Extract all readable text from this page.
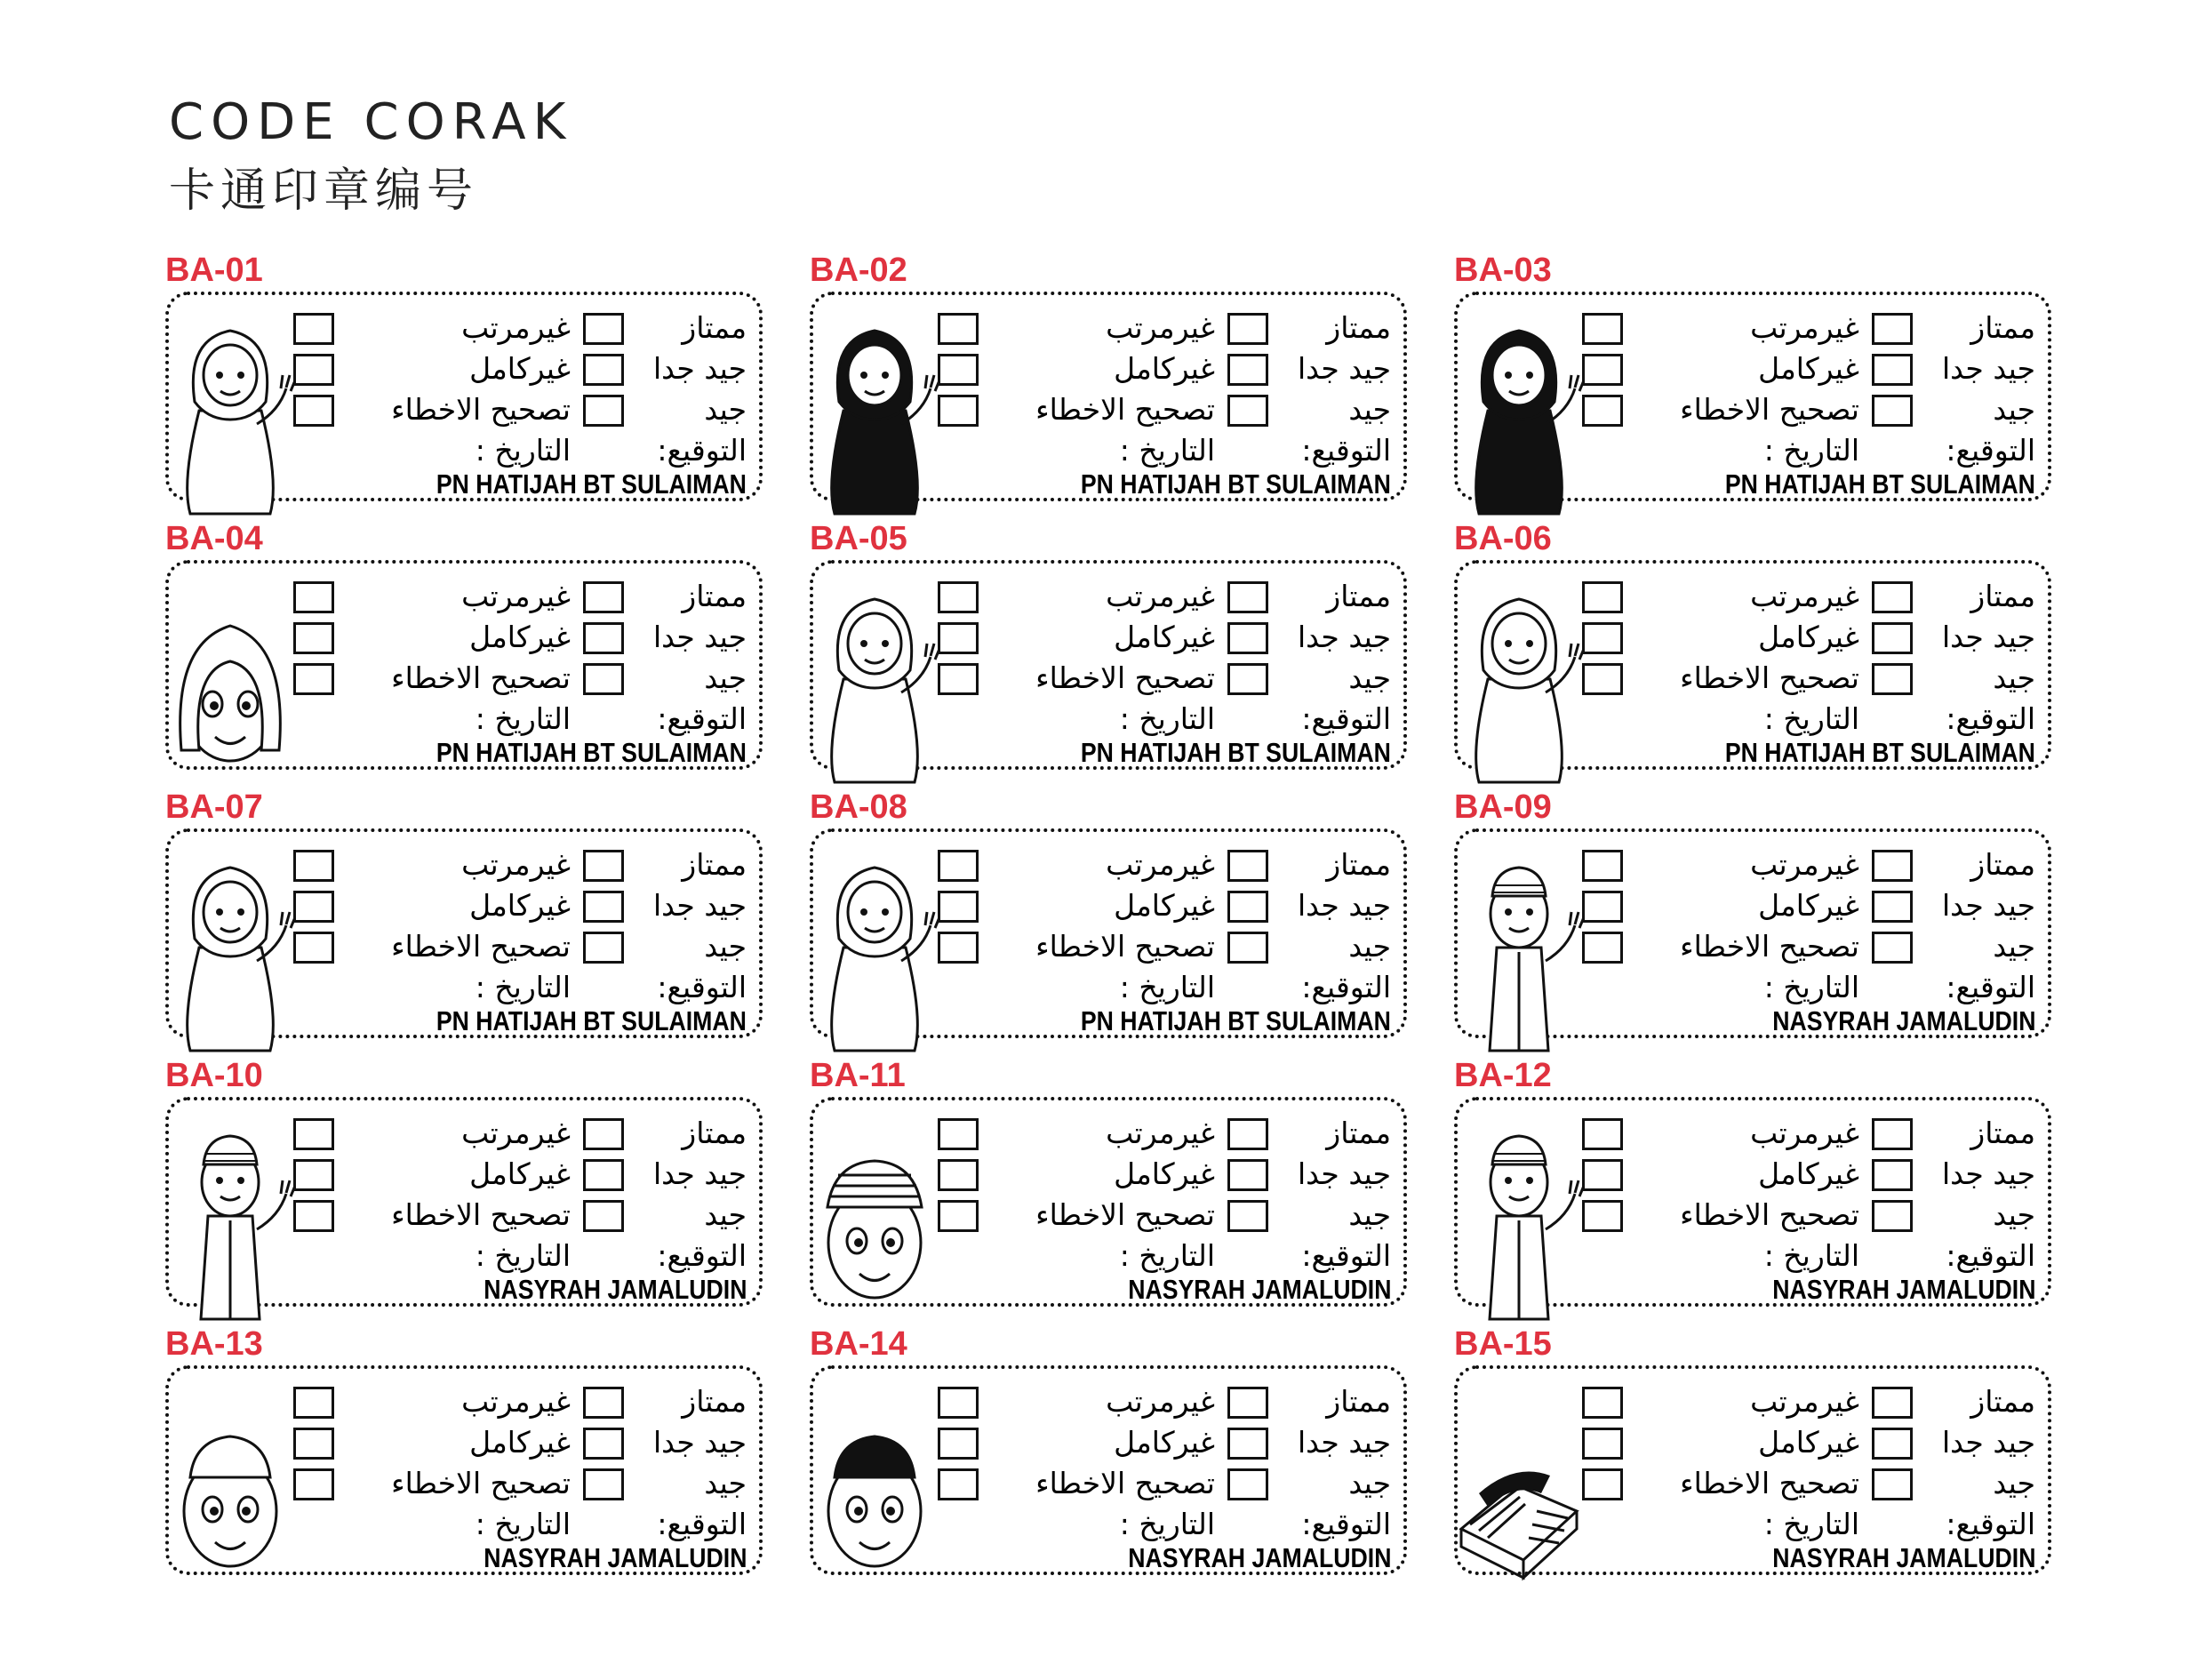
CODE CORAK
卡通印章编号
BA-01
غيرمرتب
غيركامل
تصحيح الاخطاء
التاريخ :
ممتاز
جيد جدا
جيد
التوقيع:
PN HATIJAH BT SULAIMAN
BA-02
غيرمرتب
غيركامل
تصحيح الاخطاء
التاريخ :
ممتاز
جيد جدا
جيد
التوقيع:
PN HATIJAH BT SULAIMAN
BA-03
غيرمرتب
غيركامل
تصحيح الاخطاء
التاريخ :
ممتاز
جيد جدا
جيد
التوقيع:
PN HATIJAH BT SULAIMAN
BA-04
غيرمرتب
غيركامل
تصحيح الاخطاء
التاريخ :
ممتاز
جيد جدا
جيد
التوقيع:
PN HATIJAH BT SULAIMAN
BA-05
غيرمرتب
غيركامل
تصحيح الاخطاء
التاريخ :
ممتاز
جيد جدا
جيد
التوقيع:
PN HATIJAH BT SULAIMAN
BA-06
غيرمرتب
غيركامل
تصحيح الاخطاء
التاريخ :
ممتاز
جيد جدا
جيد
التوقيع:
PN HATIJAH BT SULAIMAN
BA-07
غيرمرتب
غيركامل
تصحيح الاخطاء
التاريخ :
ممتاز
جيد جدا
جيد
التوقيع:
PN HATIJAH BT SULAIMAN
BA-08
غيرمرتب
غيركامل
تصحيح الاخطاء
التاريخ :
ممتاز
جيد جدا
جيد
التوقيع:
PN HATIJAH BT SULAIMAN
BA-09
غيرمرتب
غيركامل
تصحيح الاخطاء
التاريخ :
ممتاز
جيد جدا
جيد
التوقيع:
NASYRAH JAMALUDIN
BA-10
غيرمرتب
غيركامل
تصحيح الاخطاء
التاريخ :
ممتاز
جيد جدا
جيد
التوقيع:
NASYRAH JAMALUDIN
BA-11
غيرمرتب
غيركامل
تصحيح الاخطاء
التاريخ :
ممتاز
جيد جدا
جيد
التوقيع:
NASYRAH JAMALUDIN
BA-12
غيرمرتب
غيركامل
تصحيح الاخطاء
التاريخ :
ممتاز
جيد جدا
جيد
التوقيع:
NASYRAH JAMALUDIN
BA-13
غيرمرتب
غيركامل
تصحيح الاخطاء
التاريخ :
ممتاز
جيد جدا
جيد
التوقيع:
NASYRAH JAMALUDIN
BA-14
غيرمرتب
غيركامل
تصحيح الاخطاء
التاريخ :
ممتاز
جيد جدا
جيد
التوقيع:
NASYRAH JAMALUDIN
BA-15
غيرمرتب
غيركامل
تصحيح الاخطاء
التاريخ :
ممتاز
جيد جدا
جيد
التوقيع:
NASYRAH JAMALUDIN
